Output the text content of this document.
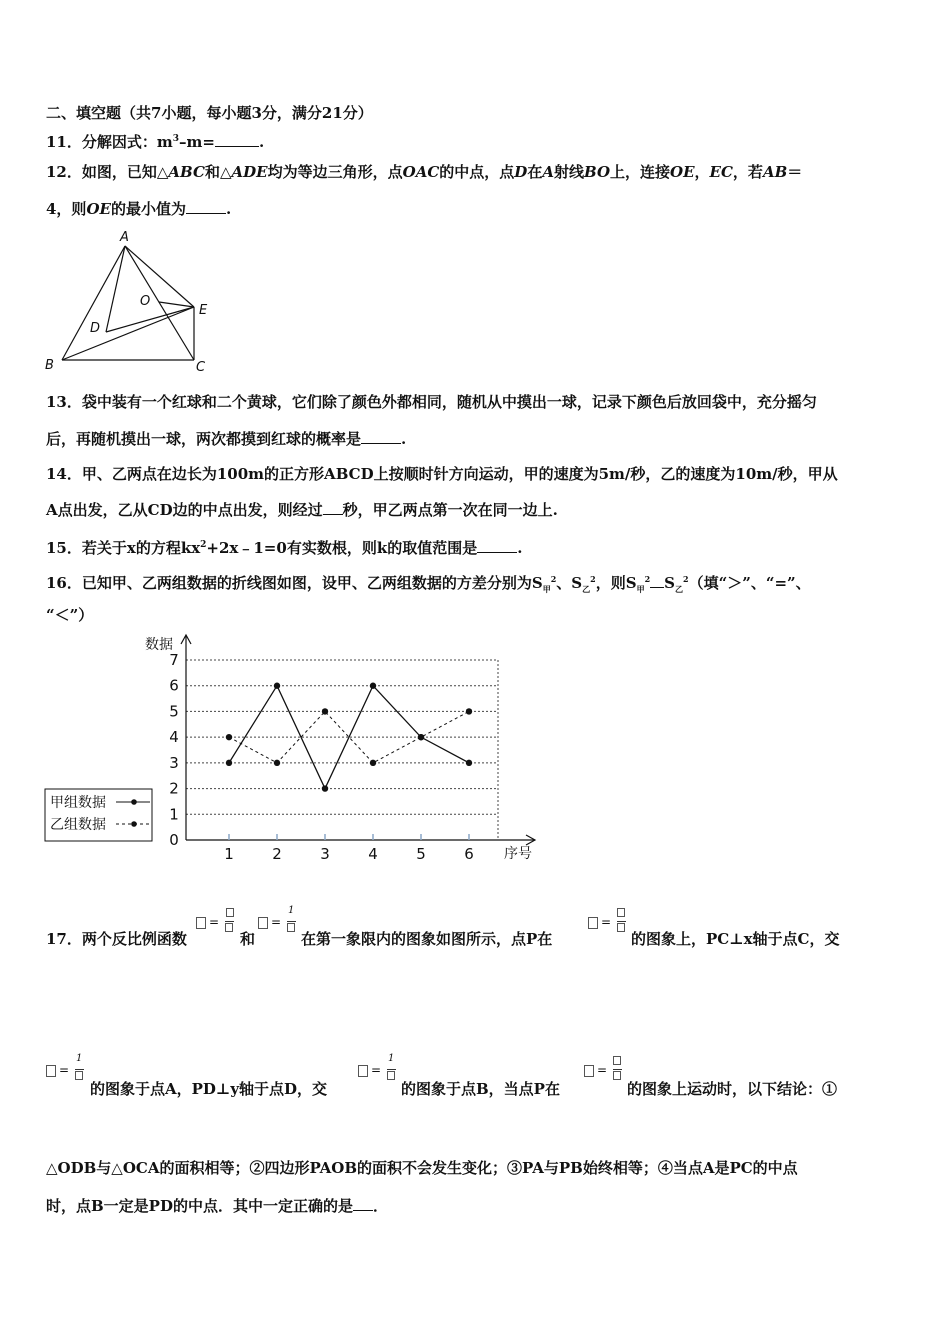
二、填空题（共7小题，每小题3分，满分21分）
11．分解因式：$m^3-m=$	.
12．如图，已知△ABC和△ADE均为等边三角形，点OAC的中点，点D在A射线BO上，连接OE，EC，若AB＝
4，则OE的最小值为	.
A
O
E
D
B	C
13．袋中装有一个红球和二个黄球，它们除了颜色外都相同，随机从中摸出一球，记录下颜色后放回袋中，充分摇匀
后，再随机摸出一球，两次都摸到红球的概率是	.
14．甲、乙两点在边长为100m的正方形ABCD上按顺时针方向运动，甲的速度为5m/秒，乙的速度为10m/秒，甲从
A点出发，乙从CD边的中点出发，则经过 秒，甲乙两点第一次在同一边上.
15．若关于x的方程$kx^2+2x﹣1=0$有实数根，则k的取值范围是	.
16．已知甲、乙两组数据的折线图如图，设甲、乙两组数据的方差分别为$S_甲^2$、$S_乙^2$，则$S_甲^2$ $S_乙^2$（填“＞”、“=”、
“＜”）
0
1
2
3
4
5
6
7
1	2	3	4	5	6
数据
序号
甲组数据
乙组数据
17．两个反比例函数
=
和
=
1
在第一象限内的图象如图所示，点P在
=
的图象上，PC⊥x轴于点C，交
=
1
的图象于点A，PD⊥y轴于点D，交
=
1
的图象于点B，当点P在
=
的图象上运动时，以下结论：①
△ODB与△OCA的面积相等；②四边形PAOB的面积不会发生变化；③PA与PB始终相等；④当点A是PC的中点
时，点B一定是PD的中点．其中一定正确的是 ．
